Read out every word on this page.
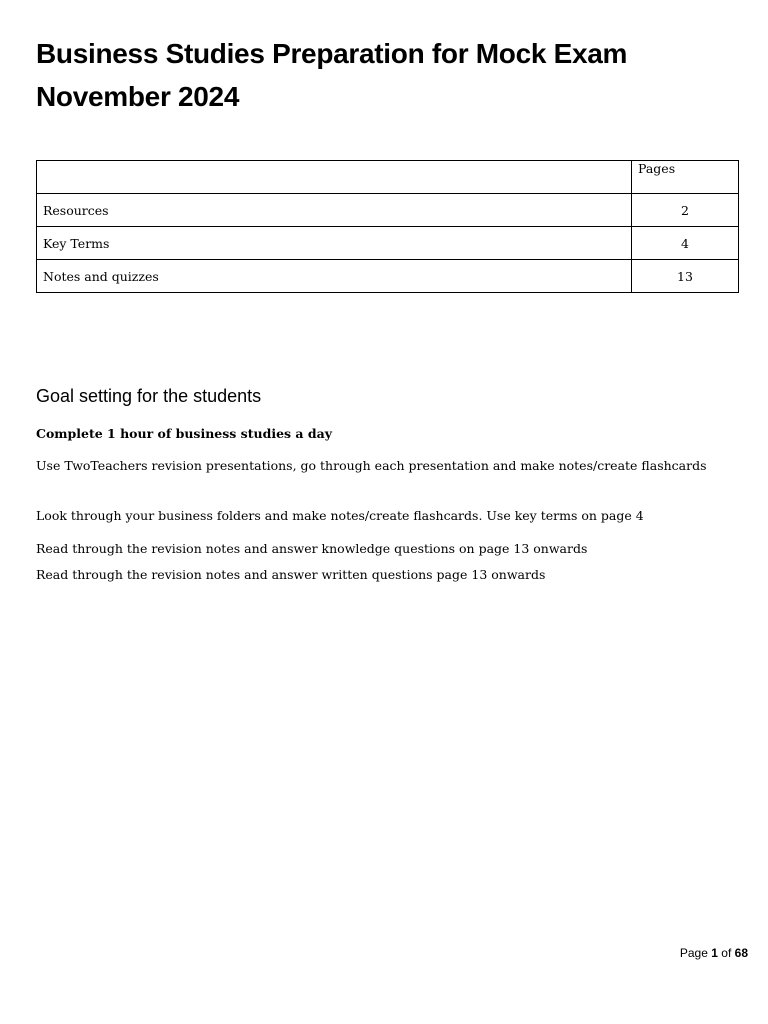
Business Studies Preparation for Mock Exam
November 2024
	Pages
Resources	2
Key Terms	4
Notes and quizzes	13
Goal setting for the students

Complete 1 hour of business studies a day

Use TwoTeachers revision presentations, go through each presentation and make notes/create flashcards

Look through your business folders and make notes/create flashcards. Use key terms on page 4

Read through the revision notes and answer knowledge questions on page 13 onwards

Read through the revision notes and answer written questions page 13 onwards

Page 1 of 68
